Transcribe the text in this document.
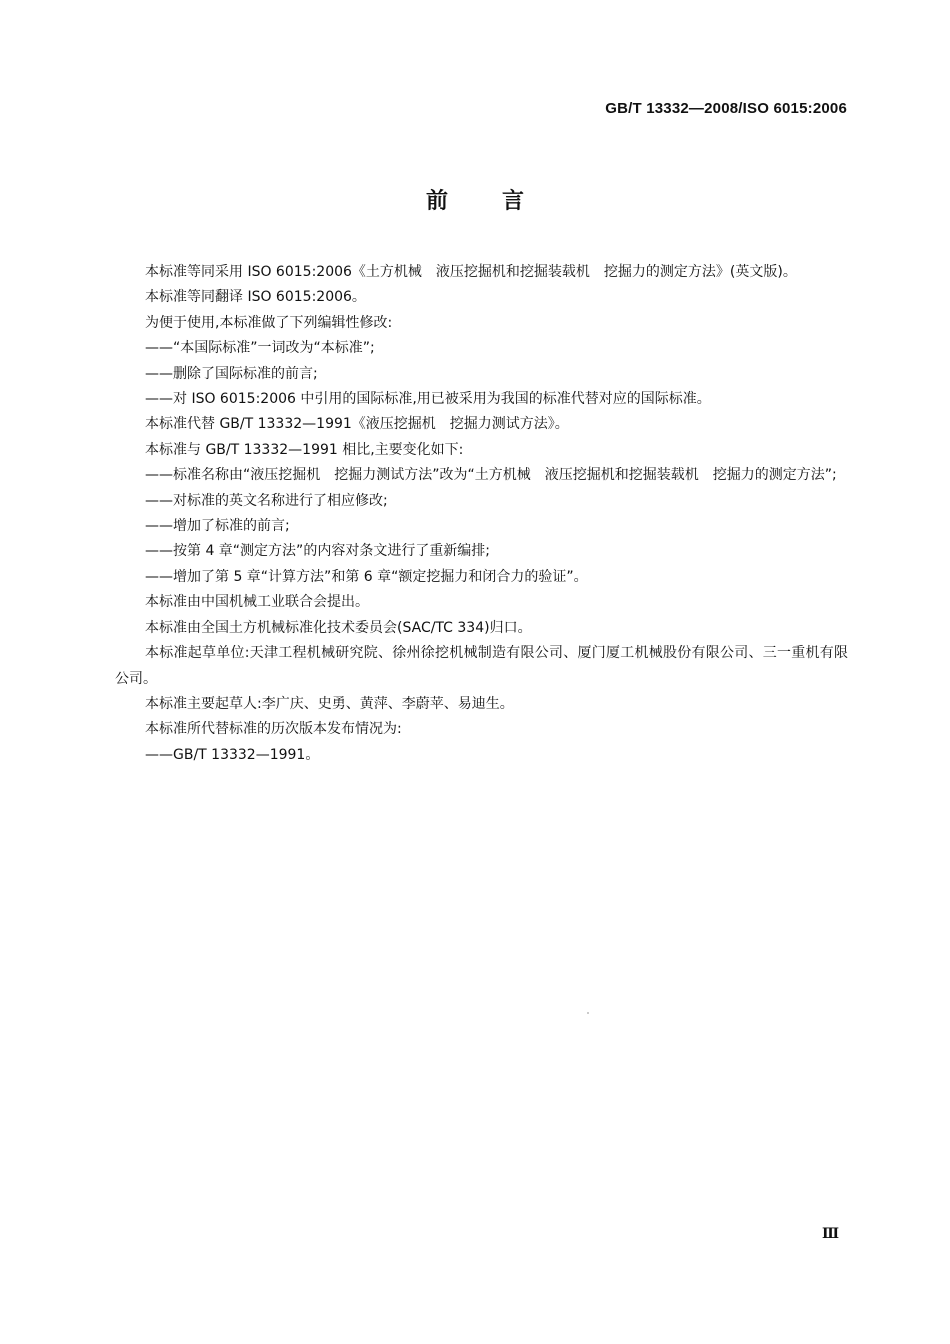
GB/T 13332—2008/ISO 6015:2006
前言

本标准等同采用 ISO 6015:2006《土方机械　液压挖掘机和挖掘装载机　挖掘力的测定方法》(英文版)。

本标准等同翻译 ISO 6015:2006。

为便于使用,本标准做了下列编辑性修改:

——“本国际标准”一词改为“本标准”;

——删除了国际标准的前言;

——对 ISO 6015:2006 中引用的国际标准,用已被采用为我国的标准代替对应的国际标准。

本标准代替 GB/T 13332—1991《液压挖掘机　挖掘力测试方法》。

本标准与 GB/T 13332—1991 相比,主要变化如下:

——标准名称由“液压挖掘机　挖掘力测试方法”改为“土方机械　液压挖掘机和挖掘装载机　挖掘力的测定方法”;

——对标准的英文名称进行了相应修改;

——增加了标准的前言;

——按第 4 章“测定方法”的内容对条文进行了重新编排;

——增加了第 5 章“计算方法”和第 6 章“额定挖掘力和闭合力的验证”。

本标准由中国机械工业联合会提出。

本标准由全国土方机械标准化技术委员会(SAC/TC 334)归口。

本标准起草单位:天津工程机械研究院、徐州徐挖机械制造有限公司、厦门厦工机械股份有限公司、三一重机有限公司。

本标准主要起草人:李广庆、史勇、黄萍、李蔚苹、易迪生。

本标准所代替标准的历次版本发布情况为:

——GB/T 13332—1991。

Ⅲ
